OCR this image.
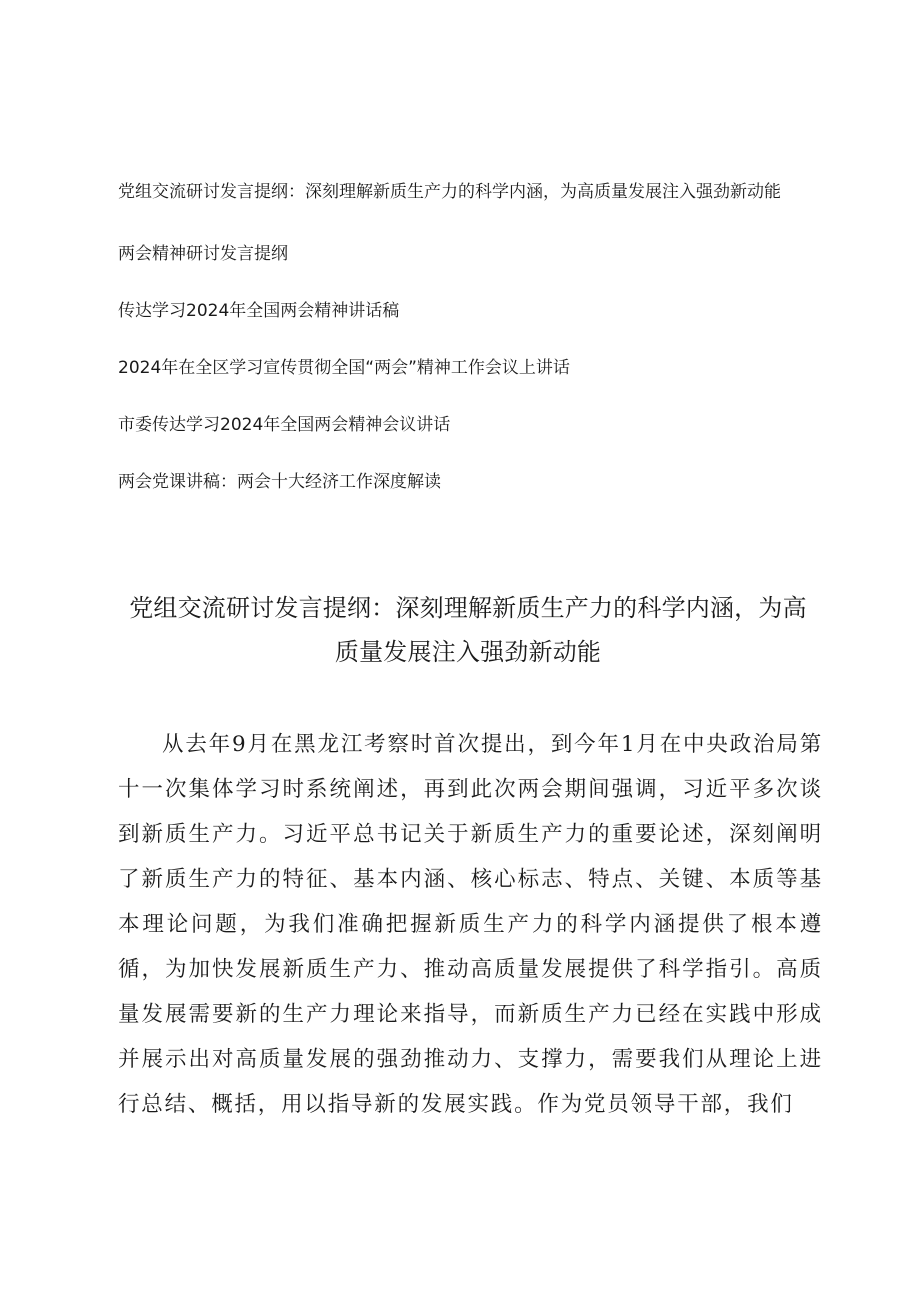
党组交流研讨发言提纲：深刻理解新质生产力的科学内涵，为高质量发展注入强劲新动能
两会精神研讨发言提纲
传达学习2024年全国两会精神讲话稿
2024年在全区学习宣传贯彻全国“两会”精神工作会议上讲话
市委传达学习2024年全国两会精神会议讲话
两会党课讲稿：两会十大经济工作深度解读
党组交流研讨发言提纲：深刻理解新质生产力的科学内涵，为高质量发展注入强劲新动能

从去年9月在黑龙江考察时首次提出，到今年1月在中央政治局第十一次集体学习时系统阐述，再到此次两会期间强调，习近平多次谈到新质生产力。习近平总书记关于新质生产力的重要论述，深刻阐明了新质生产力的特征、基本内涵、核心标志、特点、关键、本质等基本理论问题，为我们准确把握新质生产力的科学内涵提供了根本遵循，为加快发展新质生产力、推动高质量发展提供了科学指引。高质量发展需要新的生产力理论来指导，而新质生产力已经在实践中形成并展示出对高质量发展的强劲推动力、支撑力，需要我们从理论上进行总结、概括，用以指导新的发展实践。作为党员领导干部，我们
